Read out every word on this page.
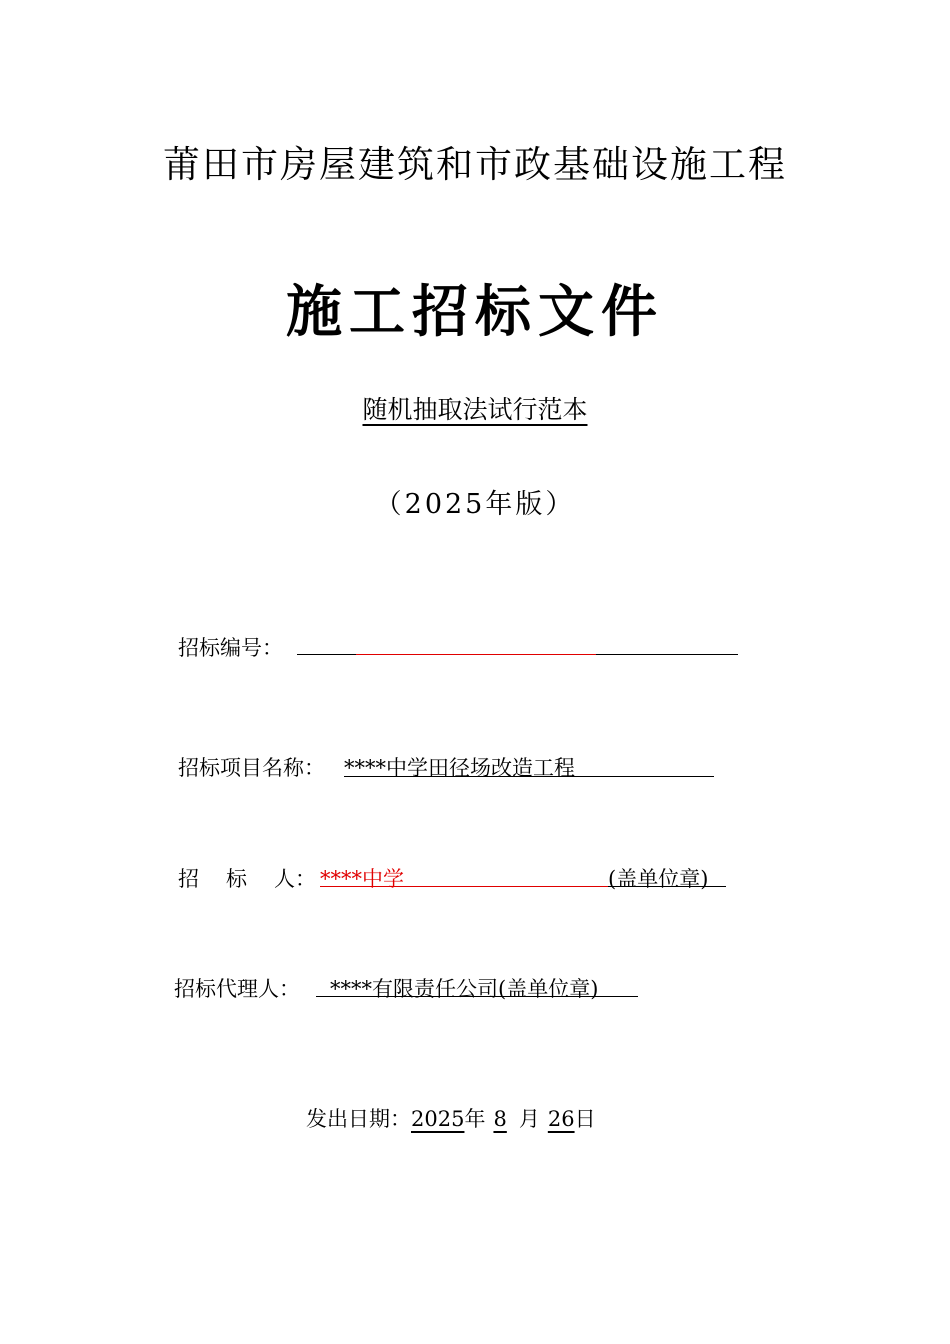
莆田市房屋建筑和市政基础设施工程
施工招标文件
随机抽取法试行范本
（2025年版）
招标编号：
招标项目名称： ****中学田径场改造工程
招 标 人： ****中学	(盖单位章)
招标代理人： ****有限责任公司(盖单位章)
发出日期：2025年 8 月 26日
